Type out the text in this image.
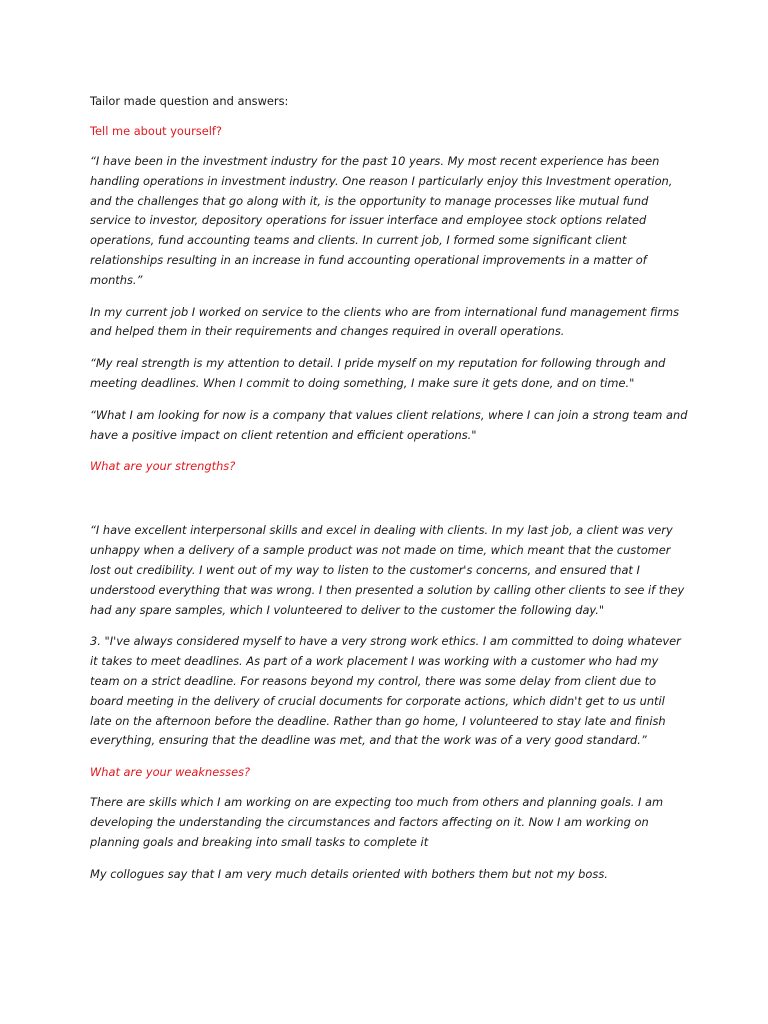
Tailor made question and answers:

Tell me about yourself?

“I have been in the investment industry for the past 10 years. My most recent experience has been handling operations in investment industry. One reason I particularly enjoy this Investment operation, and the challenges that go along with it, is the opportunity to manage processes like mutual fund service to investor, depository operations for issuer interface and employee stock options related operations, fund accounting teams and clients. In current job, I formed some significant client relationships resulting in an increase in fund accounting operational improvements in a matter of months.”

In my current job I worked on service to the clients who are from international fund management firms and helped them in their requirements and changes required in overall operations.

“My real strength is my attention to detail. I pride myself on my reputation for following through and meeting deadlines. When I commit to doing something, I make sure it gets done, and on time."

“What I am looking for now is a company that values client relations, where I can join a strong team and have a positive impact on client retention and efficient operations."

What are your strengths?

“I have excellent interpersonal skills and excel in dealing with clients. In my last job, a client was very unhappy when a delivery of a sample product was not made on time, which meant that the customer lost out credibility. I went out of my way to listen to the customer's concerns, and ensured that I understood everything that was wrong. I then presented a solution by calling other clients to see if they had any spare samples, which I volunteered to deliver to the customer the following day."

3. "I've always considered myself to have a very strong work ethics. I am committed to doing whatever it takes to meet deadlines. As part of a work placement I was working with a customer who had my team on a strict deadline. For reasons beyond my control, there was some delay from client due to board meeting in the delivery of crucial documents for corporate actions, which didn't get to us until late on the afternoon before the deadline. Rather than go home, I volunteered to stay late and finish everything, ensuring that the deadline was met, and that the work was of a very good standard.”

What are your weaknesses?

There are skills which I am working on are expecting too much from others and planning goals. I am developing the understanding the circumstances and factors affecting on it. Now I am working on planning goals and breaking into small tasks to complete it

My collogues say that I am very much details oriented with bothers them but not my boss.
